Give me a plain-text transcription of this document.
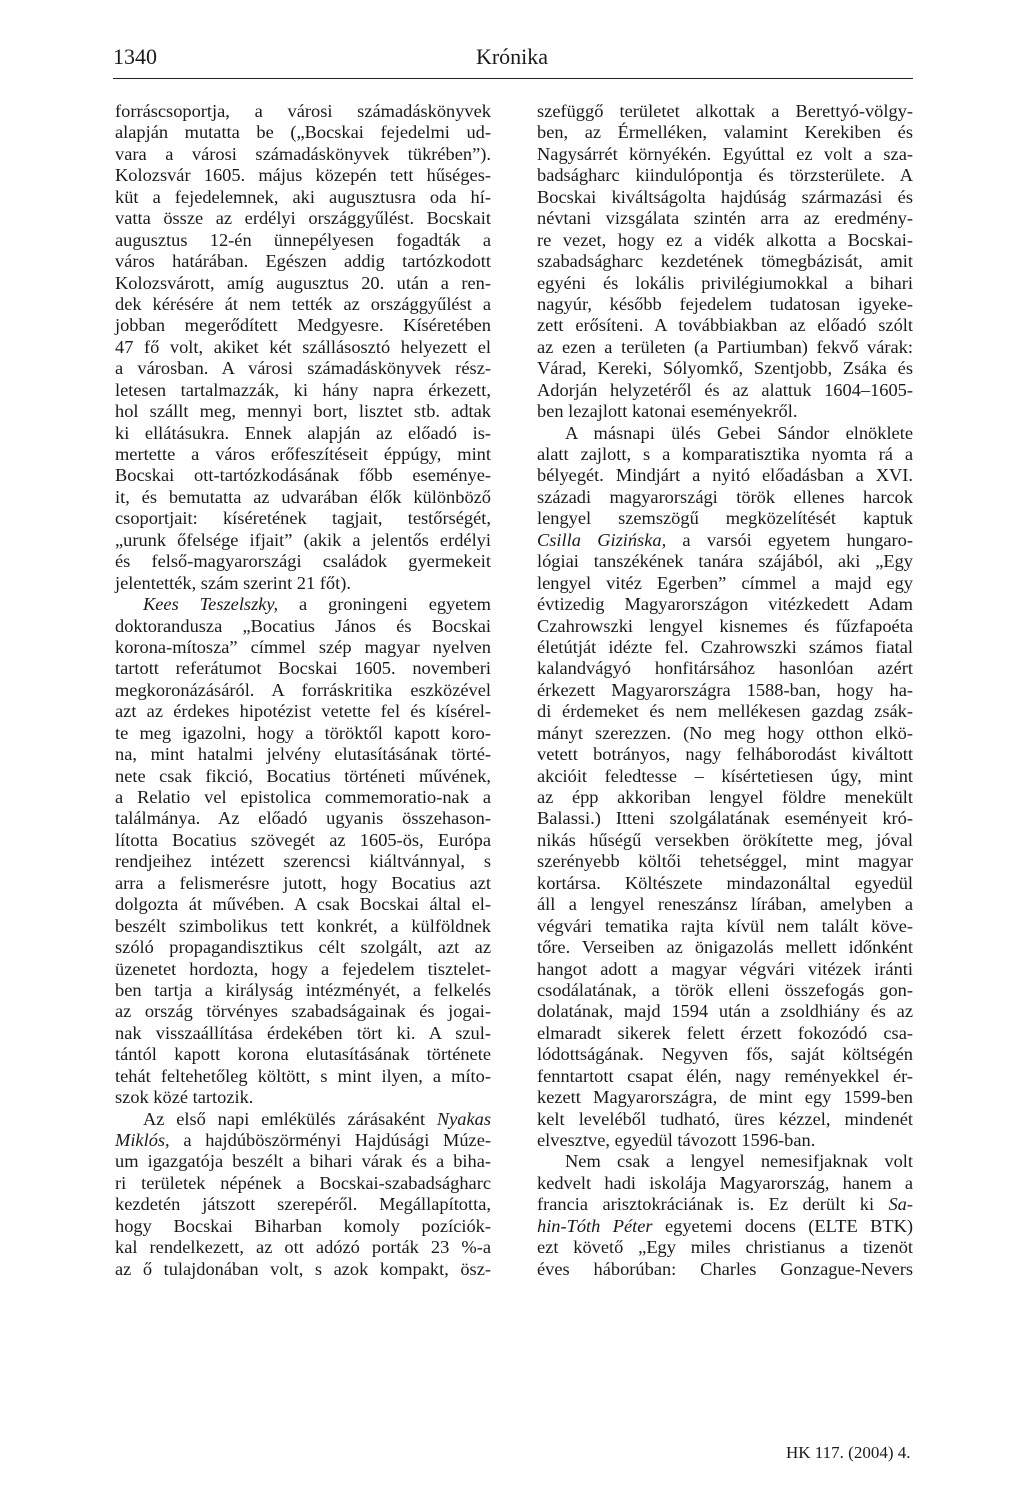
1340	Krónika
forráscsoportja, a városi számadáskönyvek
alapján mutatta be („Bocskai fejedelmi ud-
vara a városi számadáskönyvek tükrében”).
Kolozsvár 1605. május közepén tett hűséges-
küt a fejedelemnek, aki augusztusra oda hí-
vatta össze az erdélyi országgyűlést. Bocskait
augusztus 12-én ünnepélyesen fogadták a
város határában. Egészen addig tartózkodott
Kolozsvárott, amíg augusztus 20. után a ren-
dek kérésére át nem tették az országgyűlést a
jobban megerődített Medgyesre. Kíséretében
47 fő volt, akiket két szállásosztó helyezett el
a városban. A városi számadáskönyvek rész-
letesen tartalmazzák, ki hány napra érkezett,
hol szállt meg, mennyi bort, lisztet stb. adtak
ki ellátásukra. Ennek alapján az előadó is-
mertette a város erőfeszítéseit éppúgy, mint
Bocskai ott-tartózkodásának főbb eseménye-
it, és bemutatta az udvarában élők különböző
csoportjait: kíséretének tagjait, testőrségét,
„urunk őfelsége ifjait” (akik a jelentős erdélyi
és felső-magyarországi családok gyermekeit
jelentették, szám szerint 21 főt).
Kees Teszelszky, a groningeni egyetem
doktorandusza „Bocatius János és Bocskai
korona-mítosza” címmel szép magyar nyelven
tartott referátumot Bocskai 1605. novemberi
megkoronázásáról. A forráskritika eszközével
azt az érdekes hipotézist vetette fel és kísérel-
te meg igazolni, hogy a töröktől kapott koro-
na, mint hatalmi jelvény elutasításának törté-
nete csak fikció, Bocatius történeti művének,
a Relatio vel epistolica commemoratio-nak a
találmánya. Az előadó ugyanis összehason-
lította Bocatius szövegét az 1605-ös, Európa
rendjeihez intézett szerencsi kiáltvánnyal, s
arra a felismerésre jutott, hogy Bocatius azt
dolgozta át művében. A csak Bocskai által el-
beszélt szimbolikus tett konkrét, a külföldnek
szóló propagandisztikus célt szolgált, azt az
üzenetet hordozta, hogy a fejedelem tisztelet-
ben tartja a királyság intézményét, a felkelés
az ország törvényes szabadságainak és jogai-
nak visszaállítása érdekében tört ki. A szul-
tántól kapott korona elutasításának története
tehát feltehetőleg költött, s mint ilyen, a míto-
szok közé tartozik.
Az első napi emlékülés zárásaként Nyakas
Miklós, a hajdúböszörményi Hajdúsági Múze-
um igazgatója beszélt a bihari várak és a biha-
ri területek népének a Bocskai-szabadságharc
kezdetén játszott szerepéről. Megállapította,
hogy Bocskai Biharban komoly pozíciók-
kal rendelkezett, az ott adózó porták 23 %-a
az ő tulajdonában volt, s azok kompakt, ösz-
szefüggő területet alkottak a Berettyó-völgy-
ben, az Érmelléken, valamint Kerekiben és
Nagysárrét környékén. Egyúttal ez volt a sza-
badságharc kiindulópontja és törzsterülete. A
Bocskai kiváltságolta hajdúság származási és
névtani vizsgálata szintén arra az eredmény-
re vezet, hogy ez a vidék alkotta a Bocskai-
szabadságharc kezdetének tömegbázisát, amit
egyéni és lokális privilégiumokkal a bihari
nagyúr, később fejedelem tudatosan igyeke-
zett erősíteni. A továbbiakban az előadó szólt
az ezen a területen (a Partiumban) fekvő várak:
Várad, Kereki, Sólyomkő, Szentjobb, Zsáka és
Adorján helyzetéről és az alattuk 1604–1605-
ben lezajlott katonai eseményekről.
A másnapi ülés Gebei Sándor elnöklete
alatt zajlott, s a komparatisztika nyomta rá a
bélyegét. Mindjárt a nyitó előadásban a XVI.
századi magyarországi török ellenes harcok
lengyel szemszögű megközelítését kaptuk
Csilla Gizińska, a varsói egyetem hungaro-
lógiai tanszékének tanára szájából, aki „Egy
lengyel vitéz Egerben” címmel a majd egy
évtizedig Magyarországon vitézkedett Adam
Czahrowszki lengyel kisnemes és fűzfapoéta
életútját idézte fel. Czahrowszki számos fiatal
kalandvágyó honfitársához hasonlóan azért
érkezett Magyarországra 1588-ban, hogy ha-
di érdemeket és nem mellékesen gazdag zsák-
mányt szerezzen. (No meg hogy otthon elkö-
vetett botrányos, nagy felháborodást kiváltott
akcióit feledtesse – kísértetiesen úgy, mint
az épp akkoriban lengyel földre menekült
Balassi.) Itteni szolgálatának eseményeit kró-
nikás hűségű versekben örökítette meg, jóval
szerényebb költői tehetséggel, mint magyar
kortársa. Költészete mindazonáltal egyedül
áll a lengyel reneszánsz lírában, amelyben a
végvári tematika rajta kívül nem talált köve-
tőre. Verseiben az önigazolás mellett időnként
hangot adott a magyar végvári vitézek iránti
csodálatának, a török elleni összefogás gon-
dolatának, majd 1594 után a zsoldhiány és az
elmaradt sikerek felett érzett fokozódó csa-
lódottságának. Negyven fős, saját költségén
fenntartott csapat élén, nagy reményekkel ér-
kezett Magyarországra, de mint egy 1599-ben
kelt leveléből tudható, üres kézzel, mindenét
elvesztve, egyedül távozott 1596-ban.
Nem csak a lengyel nemesifjaknak volt
kedvelt hadi iskolája Magyarország, hanem a
francia arisztokráciának is. Ez derült ki Sa-
hin-Tóth Péter egyetemi docens (ELTE BTK)
ezt követő „Egy miles christianus a tizenöt
éves háborúban: Charles Gonzague-Nevers
HK 117. (2004) 4.
